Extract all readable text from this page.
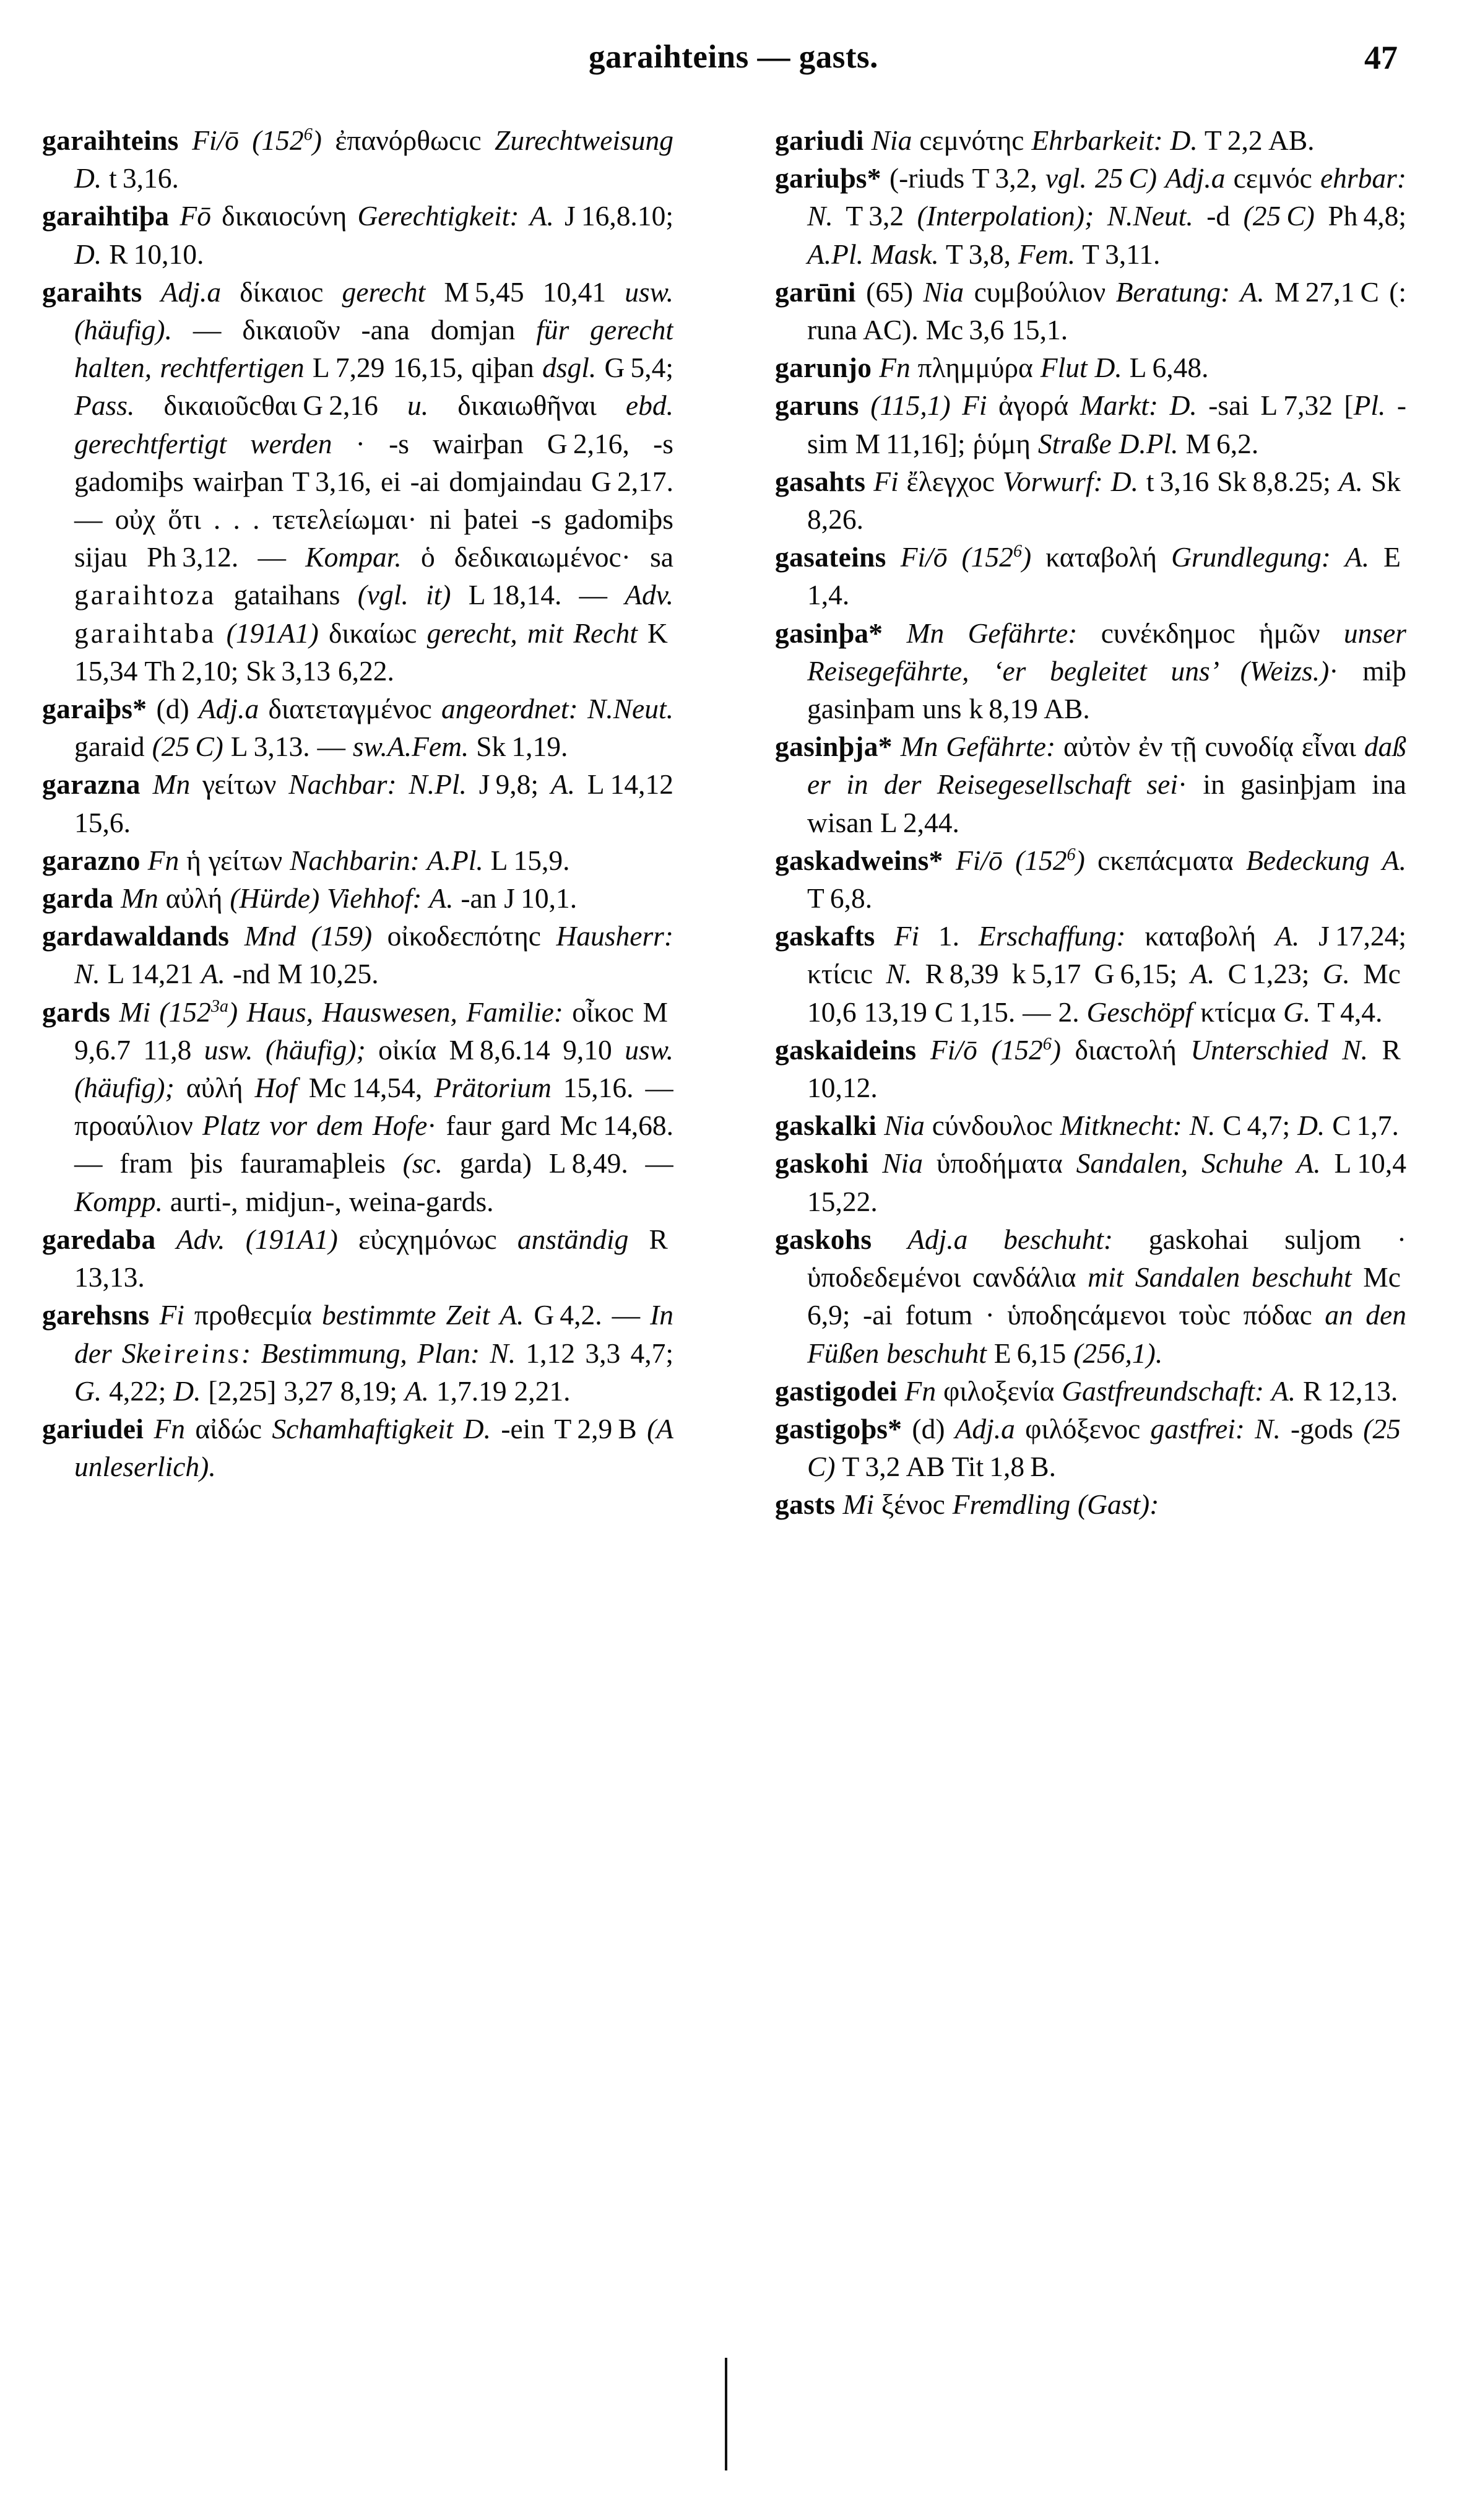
garaihteins — gasts.	47

garaihteins Fi/ō $(152^6)$ ἐπανόρθωcιc Zurechtweisung D. t 3,16.

garaihtiþa Fō δικαιοcύνη Gerechtigkeit: A. J 16,8.10; D. R 10,10.

garaihts Adj.a δίκαιοc gerecht M 5,45 10,41 usw. (häufig). — δικαιοῦν -ana domjan für gerecht halten, rechtfertigen L 7,29 16,15, qiþan dsgl. G 5,4; Pass. δικαιοῦcθαι G 2,16 u. δικαιωθῆναι ebd. gerechtfertigt werden · -s wairþan G 2,16, -s gadomiþs wairþan T 3,16, ei -ai domjaindau G 2,17. — οὐχ ὅτι . . . τετελείωμαι· ni þatei -s gadomiþs sijau Ph 3,12. — Kompar. ὁ δεδικαιωμένοc· sa garaihtoza gataihans (vgl. it) L 18,14. — Adv. garaihtaba (191A1) δικαίωc gerecht, mit Recht K 15,34 Th 2,10; Sk 3,13 6,22.

garaiþs* (d) Adj.a διατεταγμένοc angeordnet: N.Neut. garaid (25 C) L 3,13. — sw.A.Fem. Sk 1,19.

garazna Mn γείτων Nachbar: N.Pl. J 9,8; A. L 14,12 15,6.

garazno Fn ἡ γείτων Nachbarin: A.Pl. L 15,9.

garda Mn αὐλή (Hürde) Viehhof: A. -an J 10,1.

gardawaldands Mnd (159) οἰκοδεcπότηc Hausherr: N. L 14,21 A. -nd M 10,25.

gards Mi $(152^{3a})$ Haus, Hauswesen, Familie: οἶκοc M 9,6.7 11,8 usw. (häufig); οἰκία M 8,6.14 9,10 usw. (häufig); αὐλή Hof Mc 14,54, Prätorium 15,16. — προαύλιον Platz vor dem Hofe· faur gard Mc 14,68. — fram þis fauramaþleis (sc. garda) L 8,49. — Kompp. aurti-, midjun-, weina-gards.

garedaba Adv. (191A1) εὐcχημόνωc anständig R 13,13.

garehsns Fi προθεcμία bestimmte Zeit A. G 4,2. — In der Skeireins: Bestimmung, Plan: N. 1,12 3,3 4,7; G. 4,22; D. [2,25] 3,27 8,19; A. 1,7.19 2,21.

gariudei Fn αἰδώc Schamhaftigkeit D. -ein T 2,9 B (A unleserlich).

gariudi Nia cεμνότηc Ehrbarkeit: D. T 2,2 AB.

gariuþs* (-riuds T 3,2, vgl. 25 C) Adj.a cεμνόc ehrbar: N. T 3,2 (Interpolation); N.Neut. -d (25 C) Ph 4,8; A.Pl. Mask. T 3,8, Fem. T 3,11.

garūni (65) Nia cυμβούλιον Beratung: A. M 27,1 C (: runa AC). Mc 3,6 15,1.

garunjo Fn πλημμύρα Flut D. L 6,48.

garuns (115,1) Fi ἀγορά Markt: D. -sai L 7,32 [Pl. -sim M 11,16]; ῥύμη Straße D.Pl. M 6,2.

gasahts Fi ἔλεγχοc Vorwurf: D. t 3,16 Sk 8,8.25; A. Sk 8,26.

gasateins Fi/ō $(152^6)$ καταβολή Grundlegung: A. E 1,4.

gasinþa* Mn Gefährte: cυνέκδημοc ἡμῶν unser Reisegefährte, ‘er begleitet uns’ (Weizs.)· miþ gasinþam uns k 8,19 AB.

gasinþja* Mn Gefährte: αὐτὸν ἐν τῇ cυνοδίᾳ εἶναι daß er in der Reisegesellschaft sei· in gasinþjam ina wisan L 2,44.

gaskadweins* Fi/ō $(152^6)$ cκεπάcματα Bedeckung A. T 6,8.

gaskafts Fi 1. Erschaffung: καταβολή A. J 17,24; κτίcιc N. R 8,39 k 5,17 G 6,15; A. C 1,23; G. Mc 10,6 13,19 C 1,15. — 2. Geschöpf κτίcμα G. T 4,4.

gaskaideins Fi/ō $(152^6)$ διαcτολή Unterschied N. R 10,12.

gaskalki Nia cύνδουλοc Mitknecht: N. C 4,7; D. C 1,7.

gaskohi Nia ὑποδήματα Sandalen, Schuhe A. L 10,4 15,22.

gaskohs Adj.a beschuht: gaskohai suljom · ὑποδεδεμένοι cανδάλια mit Sandalen beschuht Mc 6,9; -ai fotum · ὑποδηcάμενοι τοὺc πόδαc an den Füßen beschuht E 6,15 (256,1).

gastigodei Fn φιλοξενία Gastfreundschaft: A. R 12,13.

gastigoþs* (d) Adj.a φιλόξενοc gastfrei: N. -gods (25 C) T 3,2 AB Tit 1,8 B.

gasts Mi ξένοc Fremdling (Gast):
